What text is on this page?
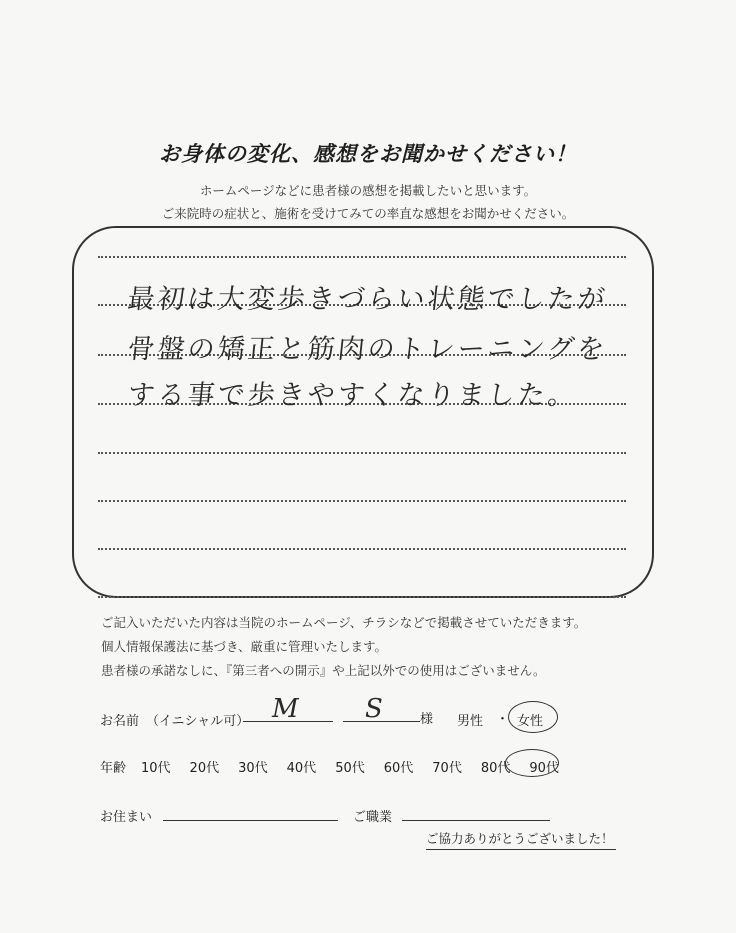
お身体の変化、感想をお聞かせください！
ホームページなどに患者様の感想を掲載したいと思います。
ご来院時の症状と、施術を受けてみての率直な感想をお聞かせください。
最初は大変歩きづらい状態でしたが
骨盤の矯正と筋肉のトレーニングを
する事で歩きやすくなりました。
ご記入いただいた内容は当院のホームページ、チラシなどで掲載させていただきます。
個人情報保護法に基づき、厳重に管理いたします。
患者様の承諾なしに、『第三者への開示』や上記以外での使用はございません。
お名前 （イニシャル可） M	S	様 男性 ・ 女性
年齢 10代 20代 30代 40代 50代 60代 70代 80代 90代
お住まい	ご職業
ご協力ありがとうございました！
